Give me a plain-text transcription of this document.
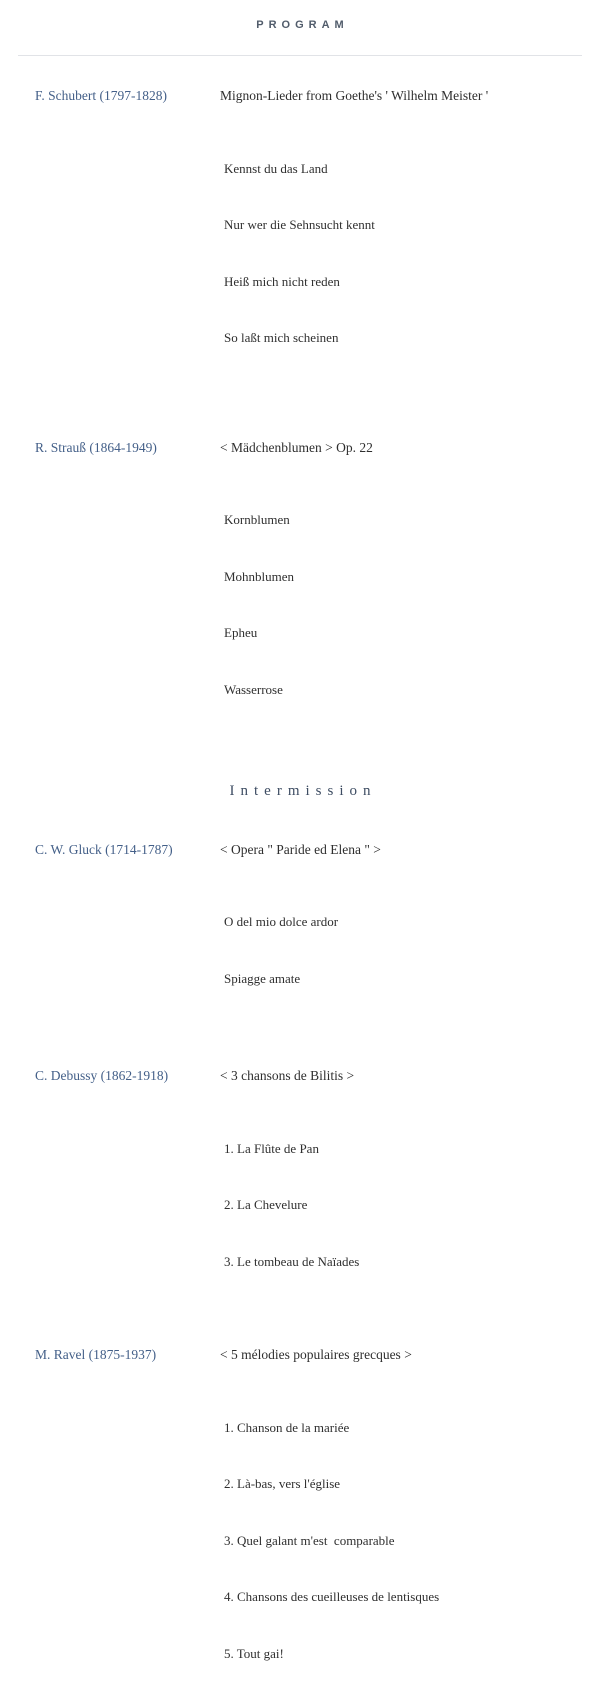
PROGRAM
F. Schubert (1797-1828)	Mignon-Lieder from Goethe's ' Wilhelm Meister '

Kennst du das Land

Nur wer die Sehnsucht kennt

Heiß mich nicht reden

So laßt mich scheinen

R. Strauß (1864-1949)	< Mädchenblumen > Op. 22

Kornblumen

Mohnblumen

Epheu

Wasserrose

Intermission
C. W. Gluck (1714-1787)	< Opera " Paride ed Elena " >

O del mio dolce ardor

Spiagge amate

C. Debussy (1862-1918)	< 3 chansons de Bilitis >

1. La Flûte de Pan

2. La Chevelure

3. Le tombeau de Naïades

M. Ravel (1875-1937)	< 5 mélodies populaires grecques >

1. Chanson de la mariée

2. Là-bas, vers l'église

3. Quel galant m'est  comparable

4. Chansons des cueilleuses de lentisques

5. Tout gai!
